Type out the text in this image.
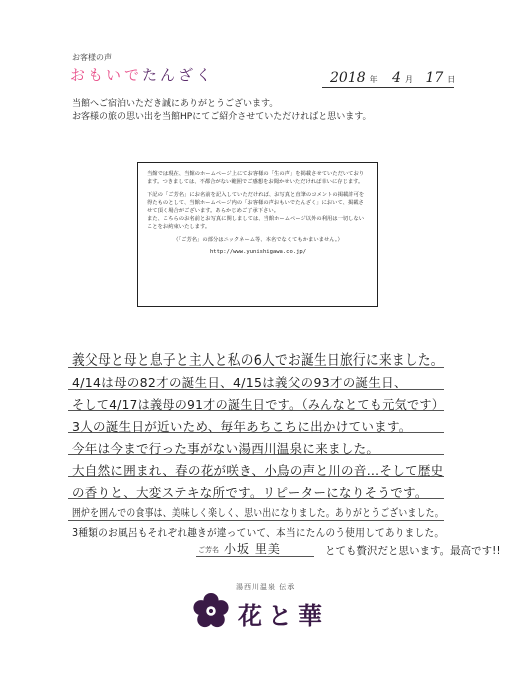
お客様の声
おもいでたんざく	2018 年 4 月 17 日
当館へご宿泊いただき誠にありがとうございます。
お客様の旅の思い出を当館HPにてご紹介させていただければと思います。

当館では現在、当館のホームページ上にてお客様の「生の声」を掲載させていただいております。つきましては、不都合がない範囲でご感想をお聞かせいただければ幸いに存じます。

下記の「ご芳名」にお名前を記入していただければ、お写真と直筆のコメントの掲載許可を得たものとして、当館ホームページ内の「お客様の声おもいでたんざく」において、掲載させて頂く場合がございます。あらかじめご了承下さい。

また、こちらのお名前とお写真に関しましては、当館ホームページ以外の利用は一切しないことをお約束いたします。

（「ご芳名」の部分はニックネーム等、本名でなくてもかまいません。）
http://www.yunishigawa.co.jp/
義父母と母と息子と主人と私の6人でお誕生日旅行に来ました。
4/14は母の82才の誕生日、4/15は義父の93才の誕生日、
そして4/17は義母の91才の誕生日です。（みんなとても元気です）
3人の誕生日が近いため、毎年あちこちに出かけています。
今年は今まで行った事がない湯西川温泉に来ました。
大自然に囲まれ、春の花が咲き、小鳥の声と川の音…そして歴史
の香りと、大変ステキな所です。リピーターになりそうです。
囲炉を囲んでの食事は、美味しく楽しく、思い出になりました。ありがとうございました。
3種類のお風呂もそれぞれ趣きが違っていて、本当にたんのう使用してありました。
とても贅沢だと思います。最高です!!
ご芳名 小坂 里美
湯西川温泉 伝承
花と華
